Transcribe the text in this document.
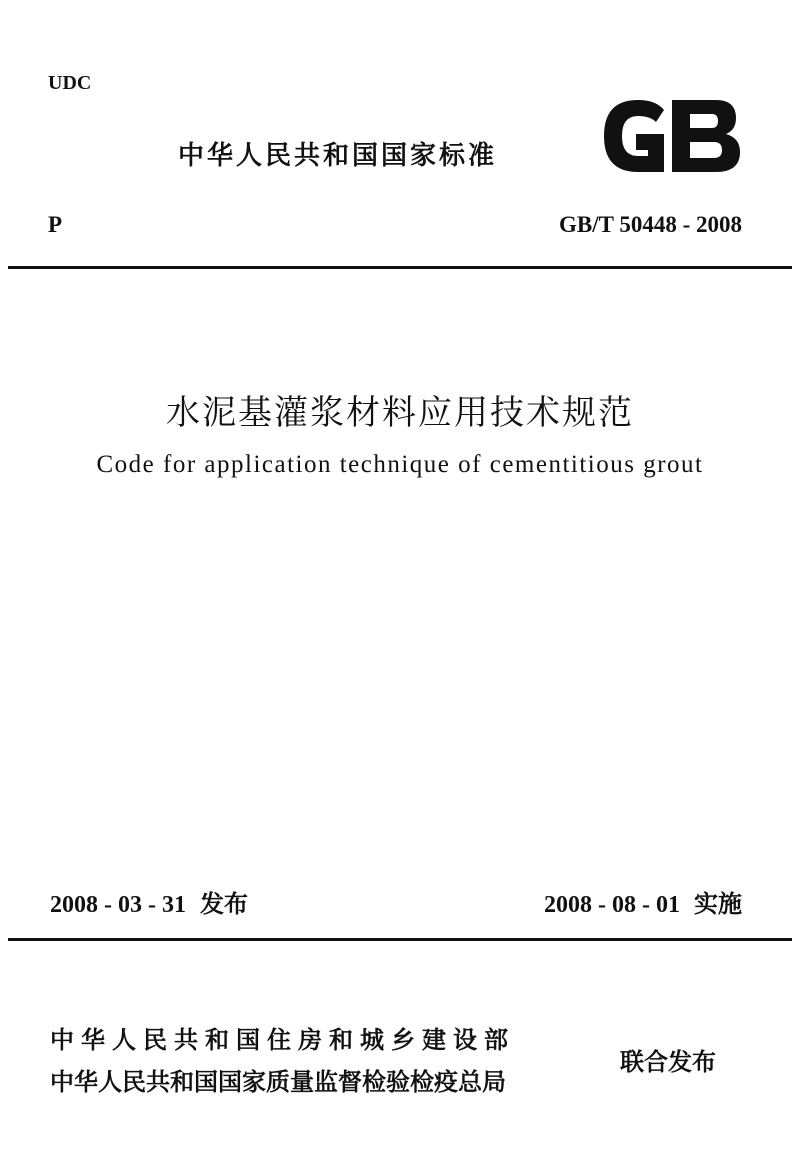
UDC
中华人民共和国国家标准
P	GB/T 50448 - 2008
水泥基灌浆材料应用技术规范
Code for application technique of cementitious grout
2008 - 03 - 31 发布	2008 - 08 - 01 实施
中华人民共和国住房和城乡建设部
中华人民共和国国家质量监督检验检疫总局
联合发布
